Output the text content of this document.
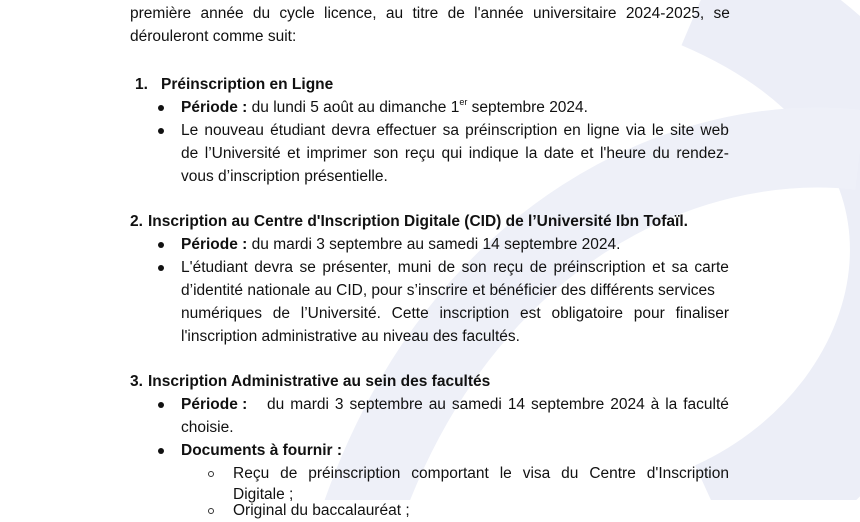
première année du cycle licence, au titre de l'année universitaire 2024-2025, se
dérouleront comme suit:
1. Préinscription en Ligne
Période : du lundi 5 août au dimanche 1er septembre 2024.
Le nouveau étudiant devra effectuer sa préinscription en ligne via le site web
de l’Université et imprimer son reçu qui indique la date et l'heure du rendez-
vous d’inscription présentielle.
2. Inscription au Centre d'Inscription Digitale (CID) de l’Université Ibn Tofaïl.
Période : du mardi 3 septembre au samedi 14 septembre 2024.
L'étudiant devra se présenter, muni de son reçu de préinscription et sa carte
d’identité nationale au CID, pour s’inscrire et bénéficier des différents services
numériques de l’Université. Cette inscription est obligatoire pour finaliser
l'inscription administrative au niveau des facultés.
3. Inscription Administrative au sein des facultés
Période : du mardi 3 septembre au samedi 14 septembre 2024 à la faculté
choisie.
Documents à fournir :
Reçu de préinscription comportant le visa du Centre d'Inscription
Digitale ;
Original du baccalauréat ;
